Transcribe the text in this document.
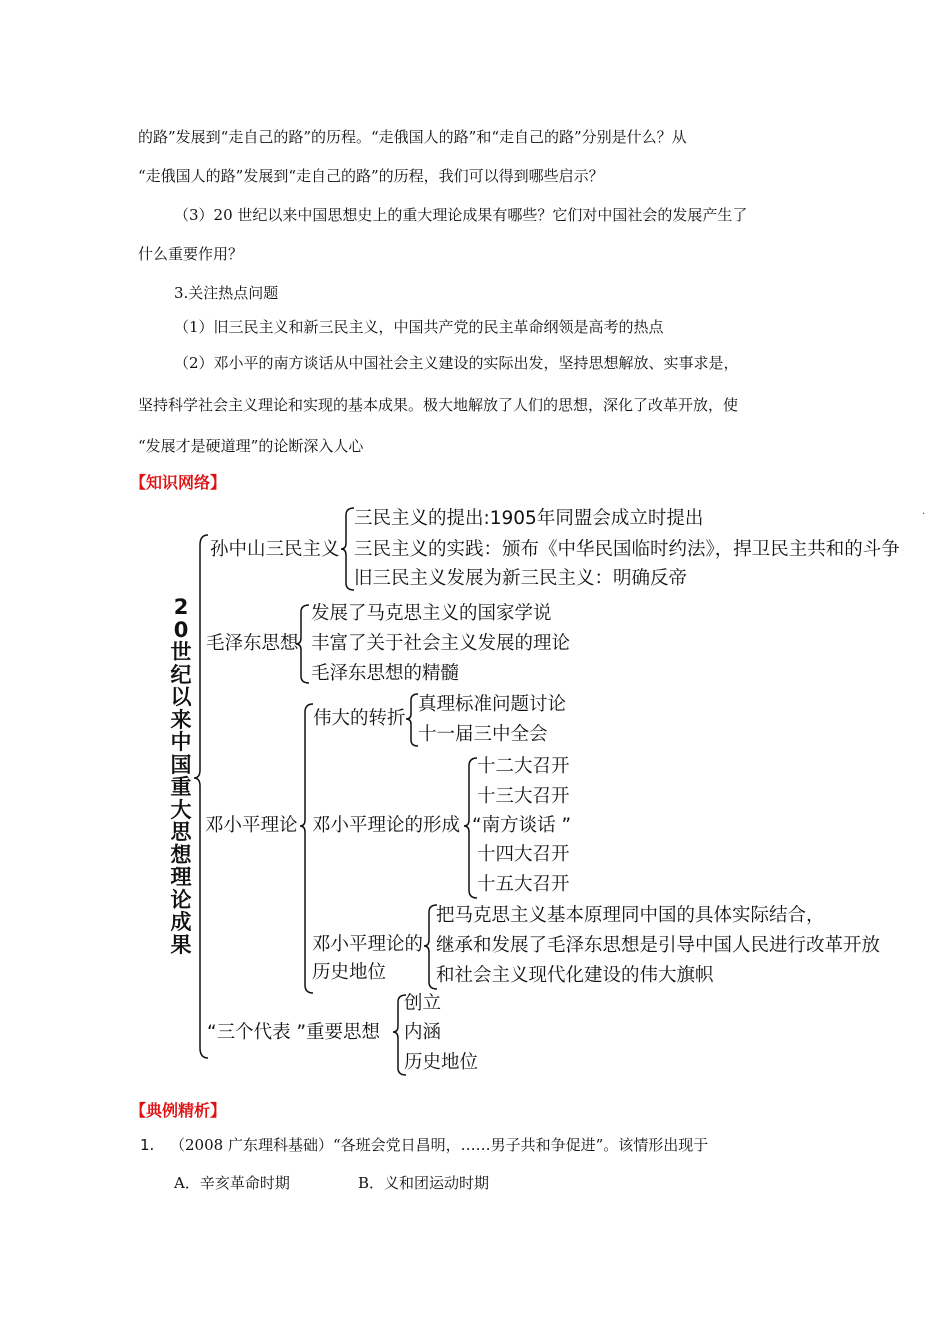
的路”发展到“走自己的路”的历程。“走俄国人的路”和“走自己的路”分别是什么？从
“走俄国人的路”发展到“走自己的路”的历程，我们可以得到哪些启示？
（3）20 世纪以来中国思想史上的重大理论成果有哪些？它们对中国社会的发展产生了
什么重要作用？
3.关注热点问题
（1）旧三民主义和新三民主义，中国共产党的民主革命纲领是高考的热点
（2）邓小平的南方谈话从中国社会主义建设的实际出发，坚持思想解放、实事求是，
坚持科学社会主义理论和实现的基本成果。极大地解放了人们的思想，深化了改革开放，使
“发展才是硬道理”的论断深入人心
【知识网络】
20世纪以来中国重大思想理论成果
孙中山三民主义
三民主义的提出:1905年同盟会成立时提出
三民主义的实践：颁布《中华民国临时约法》，捍卫民主共和的斗争
旧三民主义发展为新三民主义：明确反帝
毛泽东思想
发展了马克思主义的国家学说
丰富了关于社会主义发展的理论
毛泽东思想的精髓
邓小平理论
伟大的转折
真理标准问题讨论
十一届三中全会
邓小平理论的形成
十二大召开
十三大召开
“南方谈话 ”
十四大召开
十五大召开
邓小平理论的
历史地位
把马克思主义基本原理同中国的具体实际结合，
继承和发展了毛泽东思想是引导中国人民进行改革开放
和社会主义现代化建设的伟大旗帜
“三个代表 ”重要思想
创立
内涵
历史地位
.
【典例精析】
1. （2008 广东理科基础）“各班会党日昌明，……男子共和争促进”。该情形出现于
A．辛亥革命时期	B．义和团运动时期
